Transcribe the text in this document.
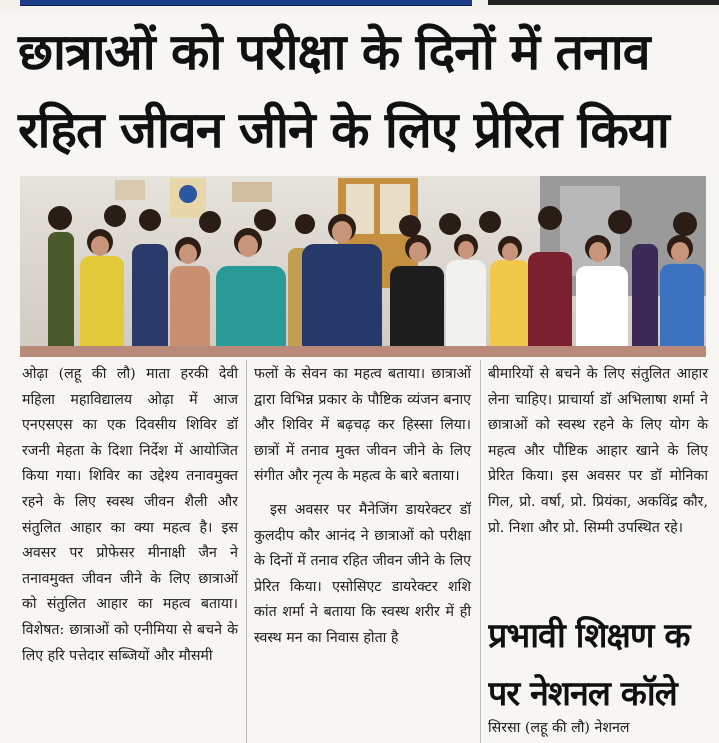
छात्राओं को परीक्षा के दिनों में तनाव
रहित जीवन जीने के लिए प्रेरित किया

ओढ़ा (लहू की लौ) माता हरकी देवी महिला महाविद्यालय ओढ़ा में आज एनएसएस का एक दिवसीय शिविर डॉ रजनी मेहता के दिशा निर्देश में आयोजित किया गया। शिविर का उद्देश्य तनावमुक्त रहने के लिए स्वस्थ जीवन शैली और संतुलित आहार का क्या महत्व है। इस अवसर पर प्रोफेसर मीनाक्षी जैन ने तनावमुक्त जीवन जीने के लिए छात्राओं को संतुलित आहार का महत्व बताया। विशेषत: छात्राओं को एनीमिया से बचने के लिए हरि पत्तेदार सब्जियों और मौसमी

फलों के सेवन का महत्व बताया। छात्राओं द्वारा विभिन्न प्रकार के पौष्टिक व्यंजन बनाए और शिविर में बढ़चढ़ कर हिस्सा लिया। छात्रों में तनाव मुक्त जीवन जीने के लिए संगीत और नृत्य के महत्व के बारे बताया।

इस अवसर पर मैनेजिंग डायरेक्टर डॉ कुलदीप कौर आनंद ने छात्राओं को परीक्षा के दिनों में तनाव रहित जीवन जीने के लिए प्रेरित किया। एसोसिएट डायरेक्टर शशि कांत शर्मा ने बताया कि स्वस्थ शरीर में ही स्वस्थ मन का निवास होता है

बीमारियों से बचने के लिए संतुलित आहार लेना चाहिए। प्राचार्या डॉ अभिलाषा शर्मा ने छात्राओं को स्वस्थ रहने के लिए योग के महत्व और पौष्टिक आहार खाने के लिए प्रेरित किया। इस अवसर पर डॉ मोनिका गिल, प्रो. वर्षा, प्रो. प्रियंका, अकविंद्र कौर, प्रो. निशा और प्रो. सिम्मी उपस्थित रहे।

प्रभावी शिक्षण क
पर नेशनल कॉले
सिरसा (लहू की लौ) नेशनल
